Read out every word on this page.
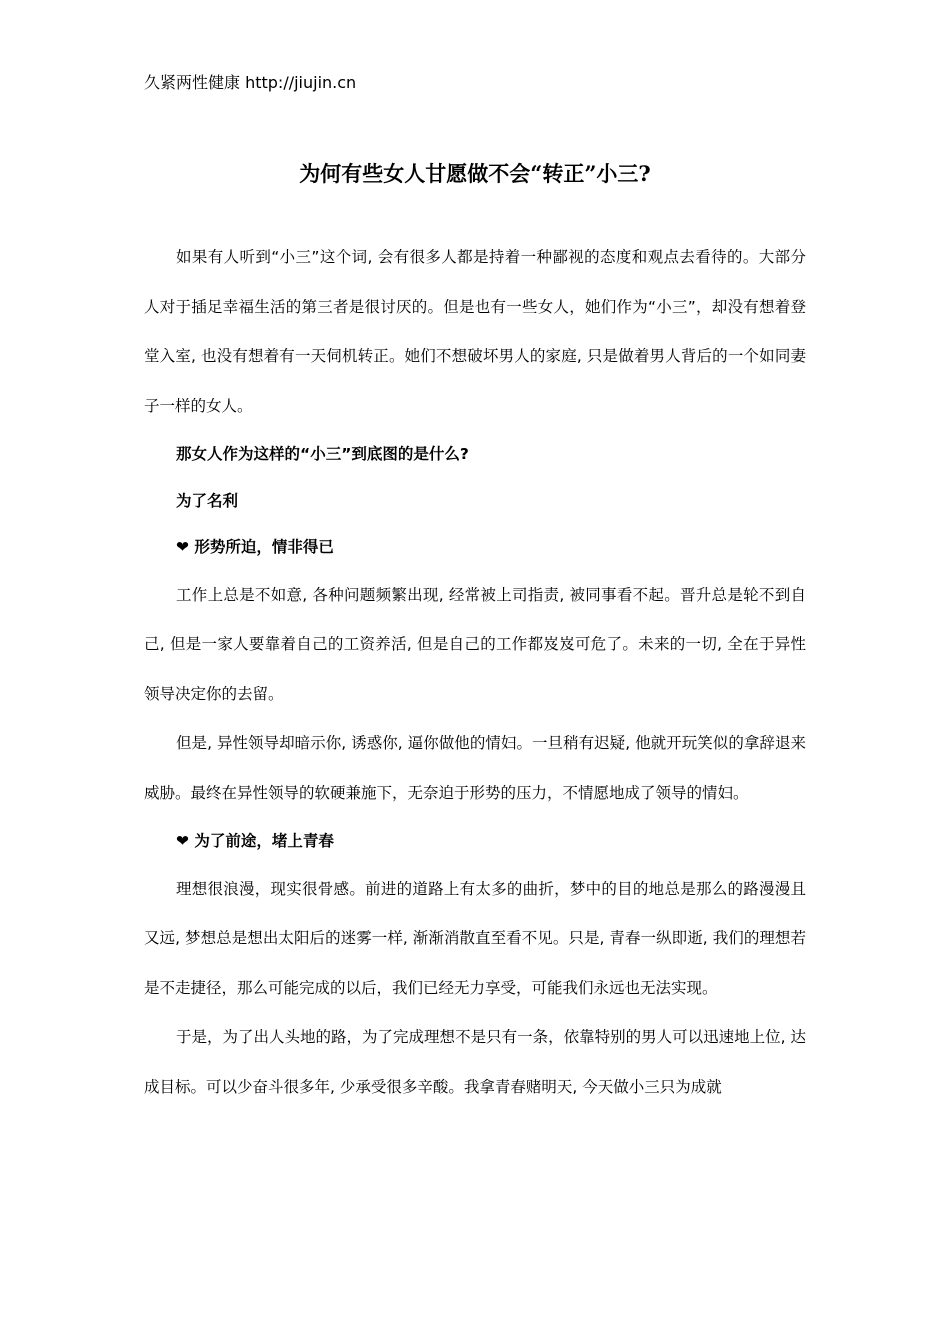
久紧两性健康 http://jiujin.cn
为何有些女人甘愿做不会“转正”小三?

如果有人听到“小三”这个词, 会有很多人都是持着一种鄙视的态度和观点去看待的。大部分人对于插足幸福生活的第三者是很讨厌的。但是也有一些女人，她们作为“小三”，却没有想着登堂入室, 也没有想着有一天伺机转正。她们不想破坏男人的家庭, 只是做着男人背后的一个如同妻子一样的女人。

那女人作为这样的“小三”到底图的是什么?

为了名利

❤ 形势所迫，情非得已

工作上总是不如意, 各种问题频繁出现, 经常被上司指责, 被同事看不起。晋升总是轮不到自己, 但是一家人要靠着自己的工资养活, 但是自己的工作都岌岌可危了。未来的一切, 全在于异性领导决定你的去留。

但是, 异性领导却暗示你, 诱惑你, 逼你做他的情妇。一旦稍有迟疑, 他就开玩笑似的拿辞退来威胁。最终在异性领导的软硬兼施下，无奈迫于形势的压力，不情愿地成了领导的情妇。

❤ 为了前途，堵上青春

理想很浪漫，现实很骨感。前进的道路上有太多的曲折，梦中的目的地总是那么的路漫漫且又远, 梦想总是想出太阳后的迷雾一样, 渐渐消散直至看不见。只是, 青春一纵即逝, 我们的理想若是不走捷径，那么可能完成的以后，我们已经无力享受，可能我们永远也无法实现。

于是，为了出人头地的路，为了完成理想不是只有一条，依靠特别的男人可以迅速地上位, 达成目标。可以少奋斗很多年, 少承受很多辛酸。我拿青春赌明天, 今天做小三只为成就
